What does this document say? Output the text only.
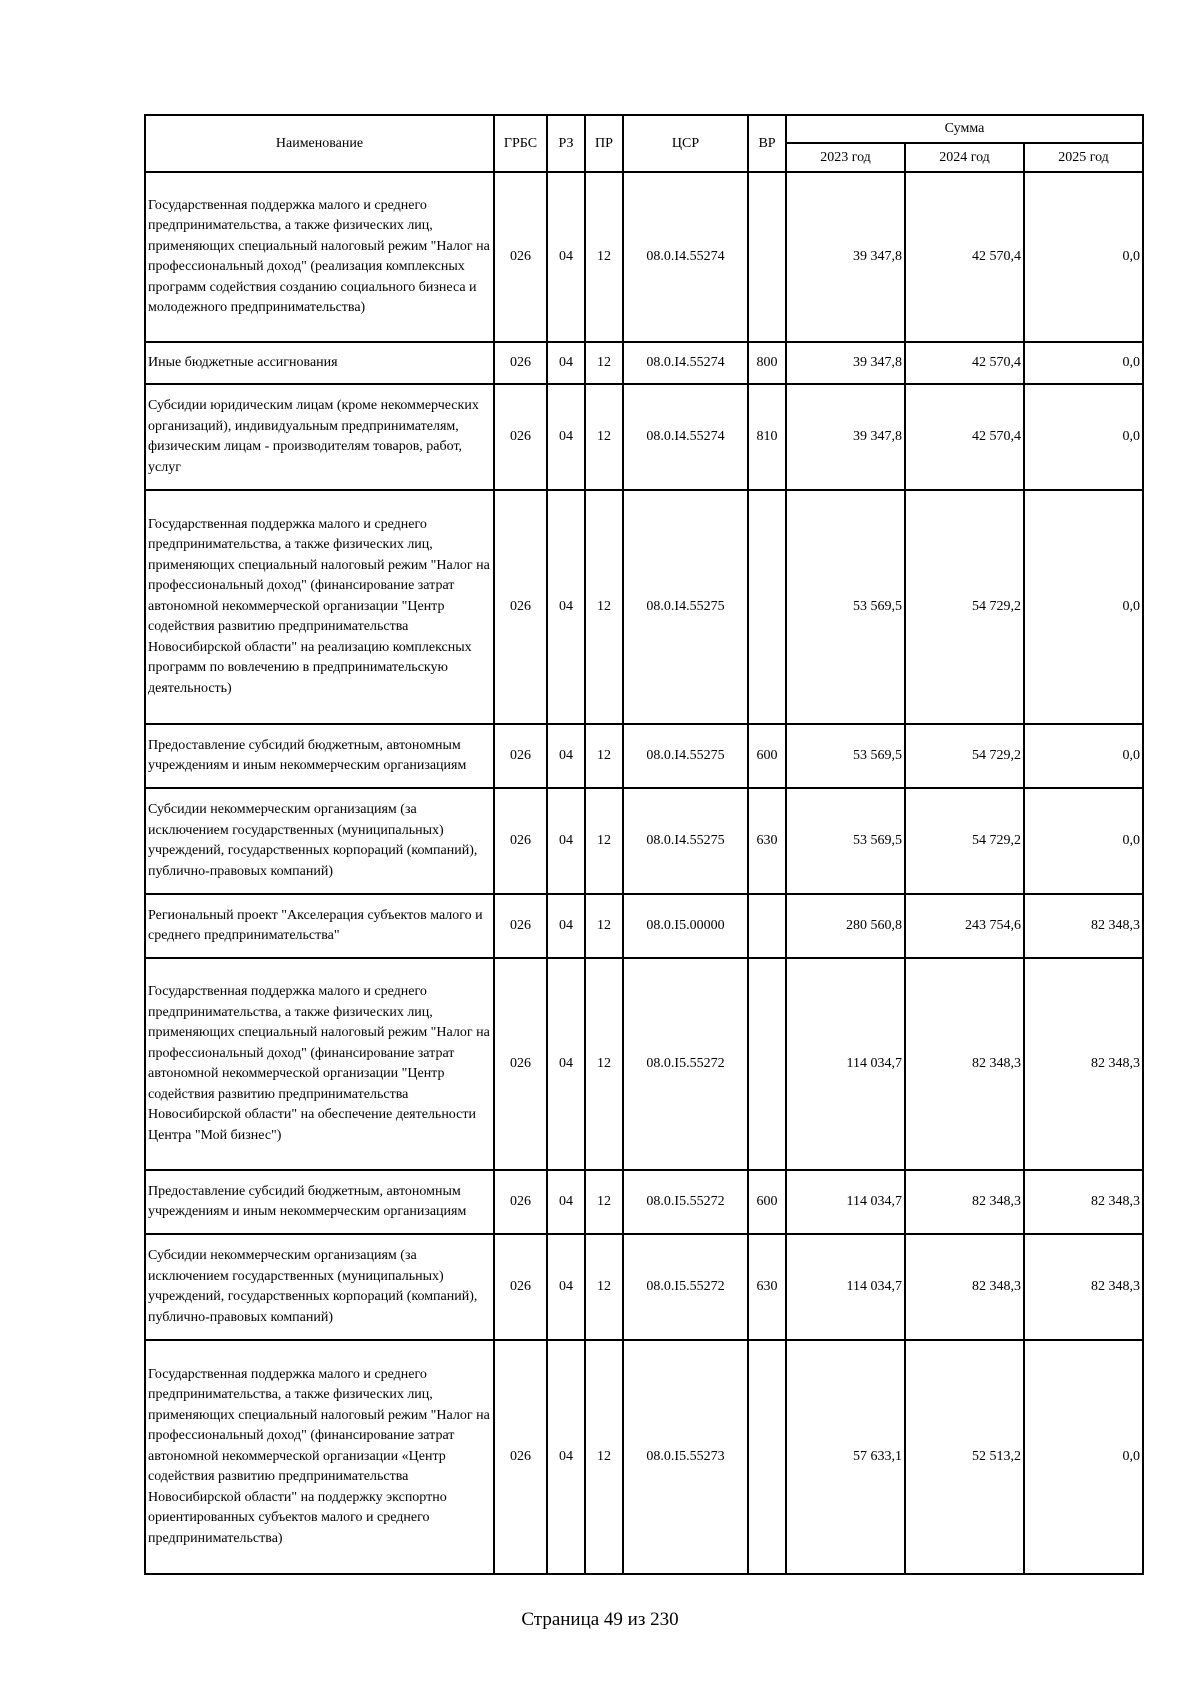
Наименование	ГРБС	РЗ	ПР	ЦСР	ВР	Сумма		
						2023 год	2024 год	2025 год
Государственная поддержка малого и среднего предпринимательства, а также физических лиц, применяющих специальный налоговый режим "Налог на профессиональный доход" (реализация комплексных программ содействия созданию социального бизнеса и молодежного предпринимательства)	026	04	12	08.0.I4.55274		39 347,8	42 570,4	0,0
Иные бюджетные ассигнования	026	04	12	08.0.I4.55274	800	39 347,8	42 570,4	0,0
Субсидии юридическим лицам (кроме некоммерческих организаций), индивидуальным предпринимателям, физическим лицам - производителям товаров, работ, услуг	026	04	12	08.0.I4.55274	810	39 347,8	42 570,4	0,0
Государственная поддержка малого и среднего предпринимательства, а также физических лиц, применяющих специальный налоговый режим "Налог на профессиональный доход" (финансирование затрат автономной некоммерческой организации "Центр содействия развитию предпринимательства Новосибирской области" на реализацию комплексных программ по вовлечению в предпринимательскую деятельность)	026	04	12	08.0.I4.55275		53 569,5	54 729,2	0,0
Предоставление субсидий бюджетным, автономным учреждениям и иным некоммерческим организациям	026	04	12	08.0.I4.55275	600	53 569,5	54 729,2	0,0
Субсидии некоммерческим организациям (за исключением государственных (муниципальных) учреждений, государственных корпораций (компаний), публично-правовых компаний)	026	04	12	08.0.I4.55275	630	53 569,5	54 729,2	0,0
Региональный проект "Акселерация субъектов малого и среднего предпринимательства"	026	04	12	08.0.I5.00000		280 560,8	243 754,6	82 348,3
Государственная поддержка малого и среднего предпринимательства, а также физических лиц, применяющих специальный налоговый режим "Налог на профессиональный доход" (финансирование затрат автономной некоммерческой организации "Центр содействия развитию предпринимательства Новосибирской области" на обеспечение деятельности Центра "Мой бизнес")	026	04	12	08.0.I5.55272		114 034,7	82 348,3	82 348,3
Предоставление субсидий бюджетным, автономным учреждениям и иным некоммерческим организациям	026	04	12	08.0.I5.55272	600	114 034,7	82 348,3	82 348,3
Субсидии некоммерческим организациям (за исключением государственных (муниципальных) учреждений, государственных корпораций (компаний), публично-правовых компаний)	026	04	12	08.0.I5.55272	630	114 034,7	82 348,3	82 348,3
Государственная поддержка малого и среднего предпринимательства, а также физических лиц, применяющих специальный налоговый режим "Налог на профессиональный доход" (финансирование затрат автономной некоммерческой организации «Центр содействия развитию предпринимательства Новосибирской области" на поддержку экспортно ориентированных субъектов малого и среднего предпринимательства)	026	04	12	08.0.I5.55273		57 633,1	52 513,2	0,0
Страница 49 из 230
